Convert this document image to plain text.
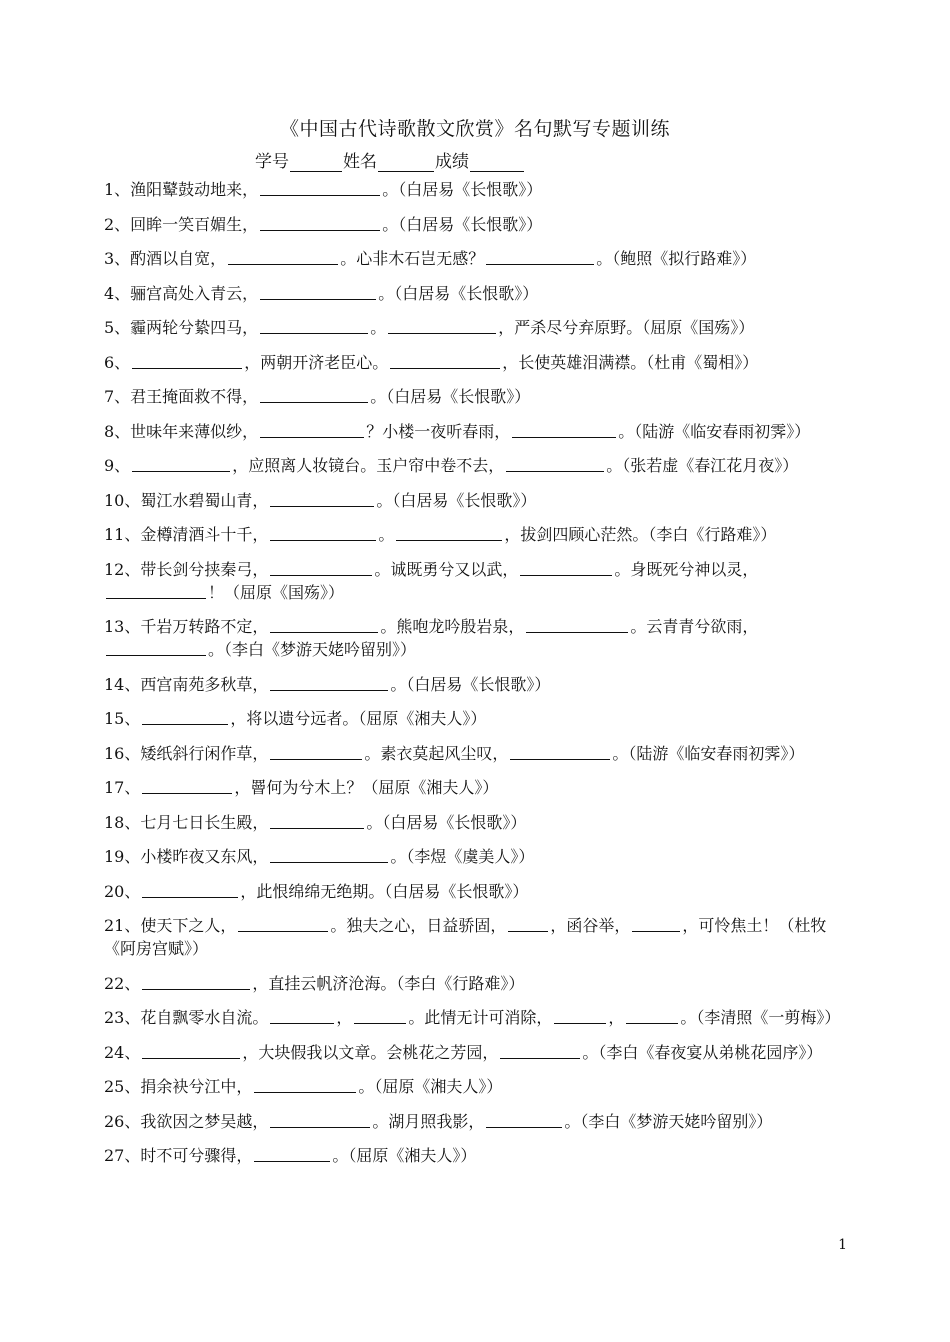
《中国古代诗歌散文欣赏》名句默写专题训练
学号	姓名	成绩
1、渔阳鼙鼓动地来，	。（白居易《长恨歌》）
2、回眸一笑百媚生，	。（白居易《长恨歌》）
3、酌酒以自宽，	。心非木石岂无感？	。（鲍照《拟行路难》）
4、骊宫高处入青云，	。（白居易《长恨歌》）
5、霾两轮兮絷四马，	。	，严杀尽兮弃原野。（屈原《国殇》）
6、	，两朝开济老臣心。	，长使英雄泪满襟。（杜甫《蜀相》）
7、君王掩面救不得，	。（白居易《长恨歌》）
8、世味年来薄似纱，	？小楼一夜听春雨，	。（陆游《临安春雨初霁》）
9、	，应照离人妆镜台。玉户帘中卷不去，	。（张若虚《春江花月夜》）
10、蜀江水碧蜀山青，	。（白居易《长恨歌》）
11、金樽清酒斗十千，	。	，拔剑四顾心茫然。（李白《行路难》）
12、带长剑兮挟秦弓，	。诚既勇兮又以武，	。身既死兮神以灵，！（屈原《国殇》）
13、千岩万转路不定，	。熊咆龙吟殷岩泉，	。云青青兮欲雨，。（李白《梦游天姥吟留别》）
14、西宫南苑多秋草，	。（白居易《长恨歌》）
15、	，将以遗兮远者。（屈原《湘夫人》）
16、矮纸斜行闲作草，	。素衣莫起风尘叹，	。（陆游《临安春雨初霁》）
17、	，罾何为兮木上？（屈原《湘夫人》）
18、七月七日长生殿，	。（白居易《长恨歌》）
19、小楼昨夜又东风，	。（李煜《虞美人》）
20、	，此恨绵绵无绝期。（白居易《长恨歌》）
21、使天下之人，	。独夫之心，日益骄固，	，函谷举，	，可怜焦土！（杜牧《阿房宫赋》）
22、	，直挂云帆济沧海。（李白《行路难》）
23、花自飘零水自流。	，	。此情无计可消除，	，	。（李清照《一剪梅》）
24、	，大块假我以文章。会桃花之芳园，	。（李白《春夜宴从弟桃花园序》）
25、捐余袂兮江中，	。（屈原《湘夫人》）
26、我欲因之梦吴越，	。湖月照我影，	。（李白《梦游天姥吟留别》）
27、时不可兮骤得，	。（屈原《湘夫人》）
1
